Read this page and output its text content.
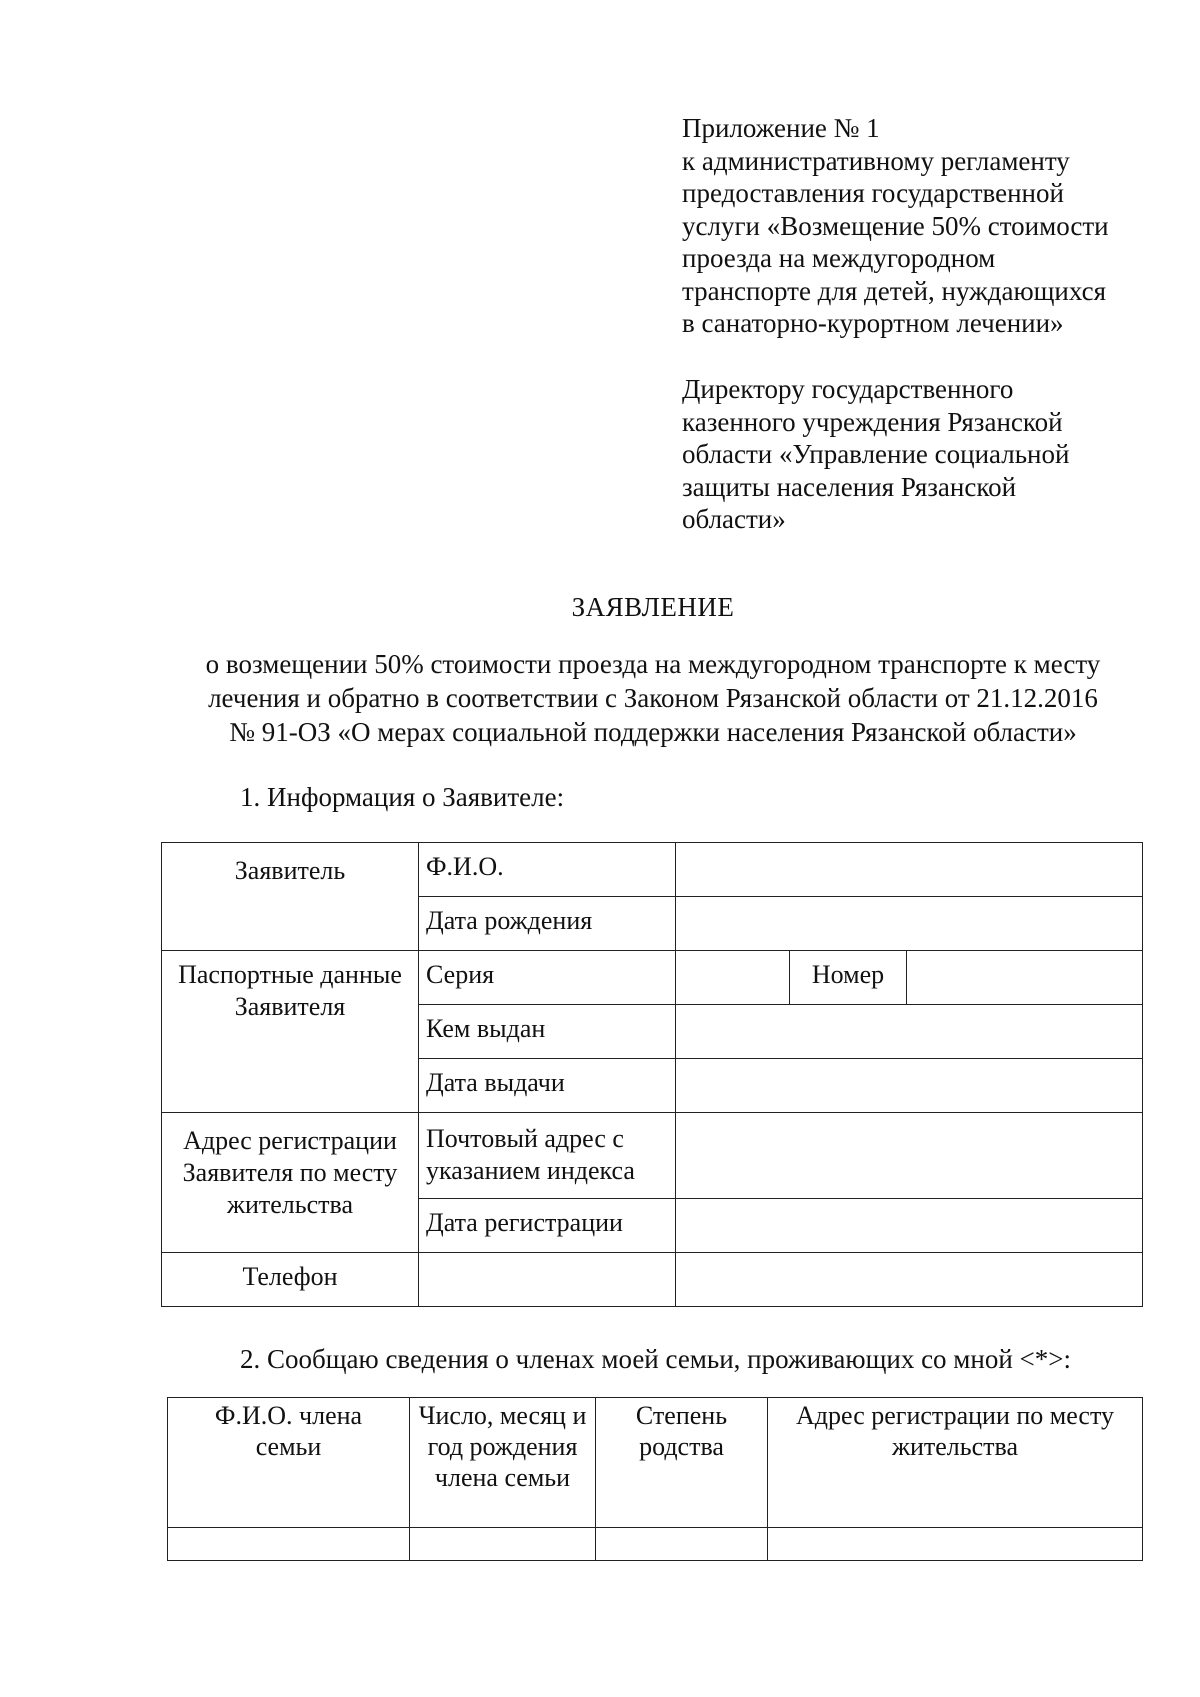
Приложение № 1
к административному регламенту
предоставления государственной
услуги «Возмещение 50% стоимости
проезда на междугородном
транспорте для детей, нуждающихся
в санаторно-курортном лечении»
Директору государственного
казенного учреждения Рязанской
области «Управление социальной
защиты населения Рязанской
области»
ЗАЯВЛЕНИЕ
о возмещении 50% стоимости проезда на междугородном транспорте к месту
лечения и обратно в соответствии с Законом Рязанской области от 21.12.2016
№ 91-ОЗ «О мерах социальной поддержки населения Рязанской области»
1. Информация о Заявителе:
Заявитель	Ф.И.О.			
	Дата рождения			
Паспортные данные Заявителя	Серия		Номер	
	Кем выдан			
	Дата выдачи			
Адрес регистрации Заявителя по месту жительства	Почтовый адрес с указанием индекса			
	Дата регистрации			
Телефон				
2. Сообщаю сведения о членах моей семьи, проживающих со мной <*>:
Ф.И.О. члена семьи	Число, месяц и год рождения члена семьи	Степень родства	Адрес регистрации по месту жительства
